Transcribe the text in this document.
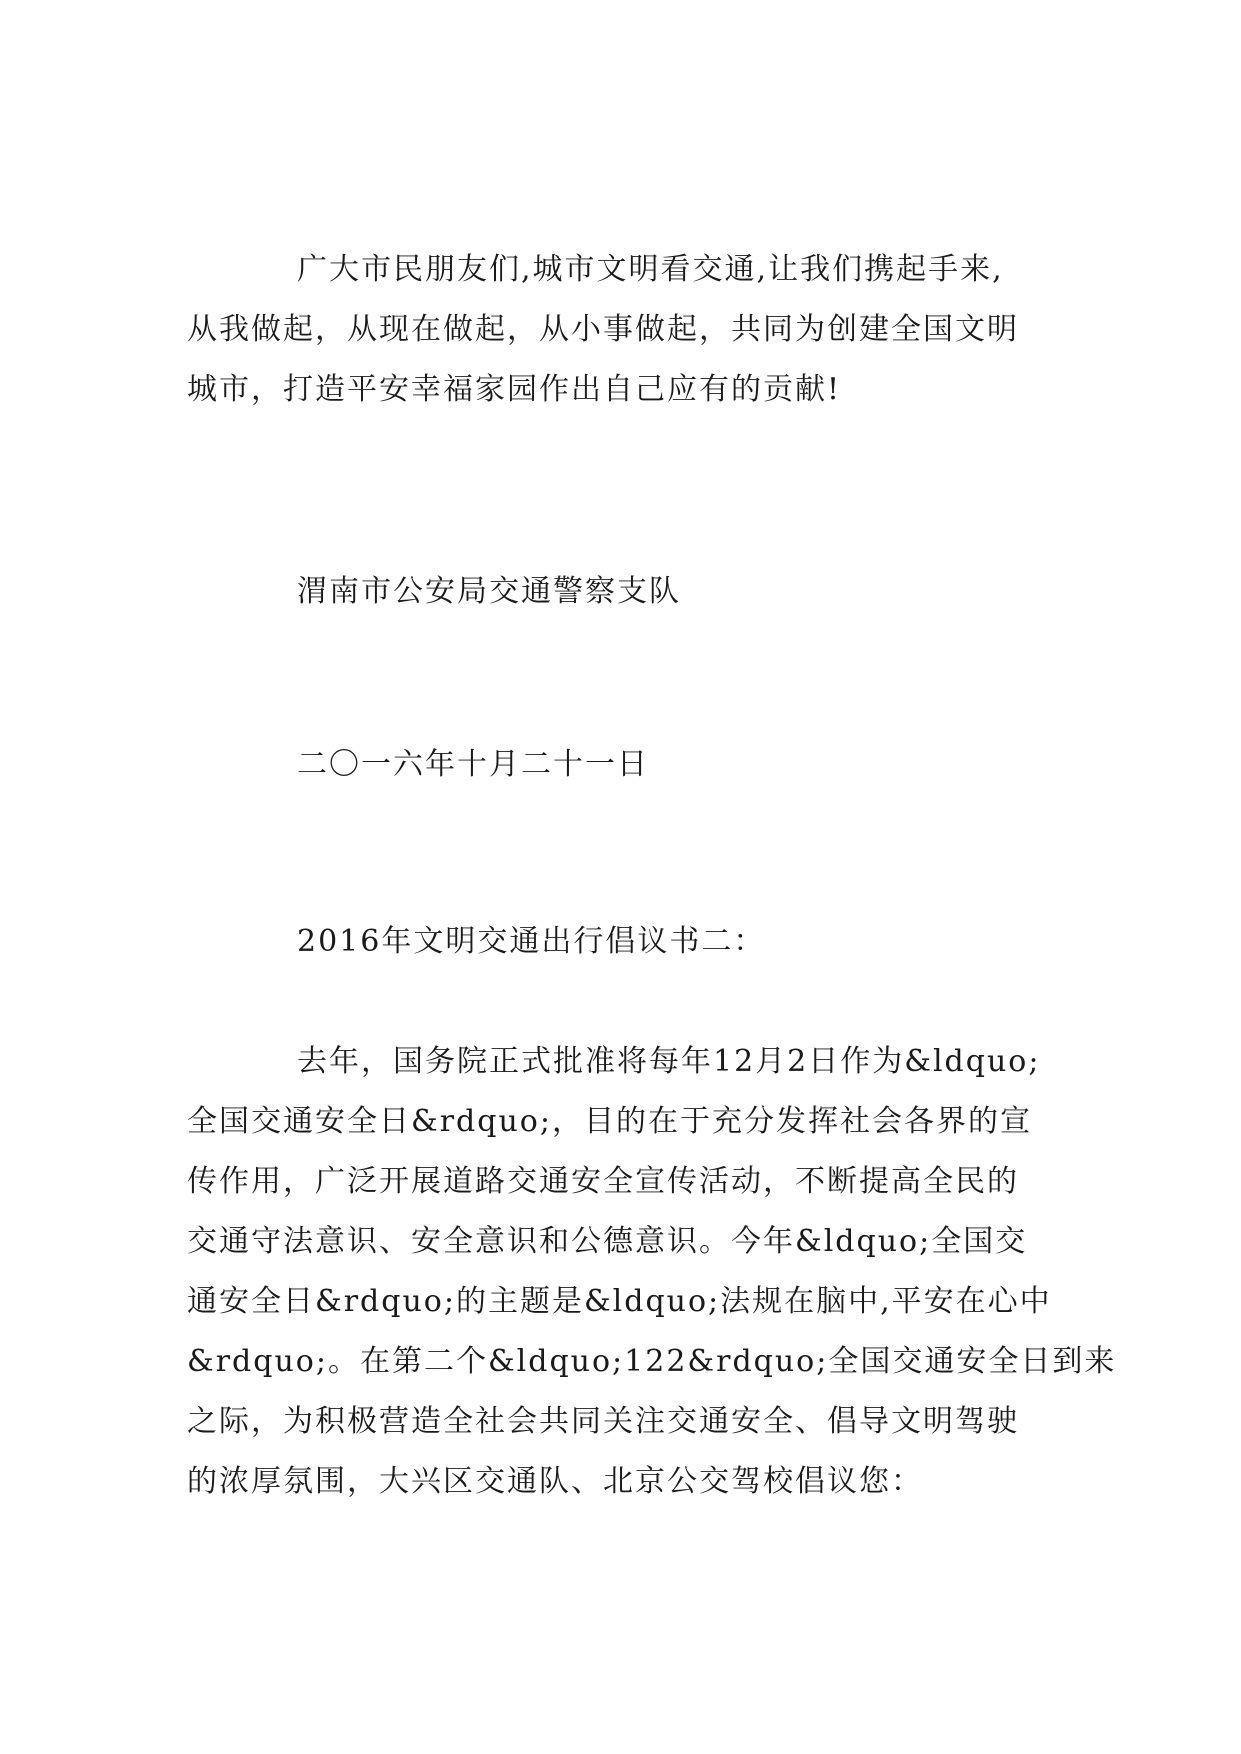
广大市民朋友们,城市文明看交通,让我们携起手来,
从我做起，从现在做起，从小事做起，共同为创建全国文明
城市，打造平安幸福家园作出自己应有的贡献!
渭南市公安局交通警察支队
二〇一六年十月二十一日
2016年文明交通出行倡议书二：
去年，国务院正式批准将每年12月2日作为&ldquo;
全国交通安全日&rdquo;，目的在于充分发挥社会各界的宣
传作用，广泛开展道路交通安全宣传活动，不断提高全民的
交通守法意识、安全意识和公德意识。今年&ldquo;全国交
通安全日&rdquo;的主题是&ldquo;法规在脑中,平安在心中
&rdquo;。在第二个&ldquo;122&rdquo;全国交通安全日到来
之际，为积极营造全社会共同关注交通安全、倡导文明驾驶
的浓厚氛围，大兴区交通队、北京公交驾校倡议您：
